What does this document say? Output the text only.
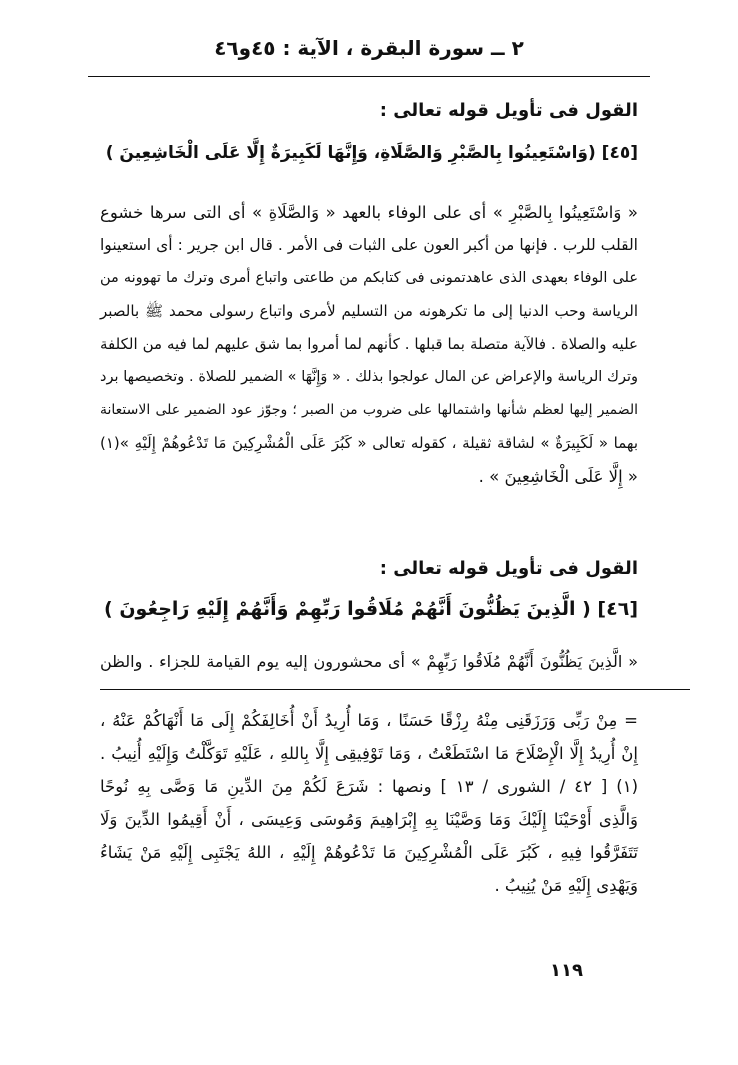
٢ ــ سورة البقرة ، الآية : ٤٥و٤٦
القول فى تأويل قوله تعالى :
[٤٥] (وَاسْتَعِينُوا بِالصَّبْرِ وَالصَّلَاةِ، وَإِنَّهَا لَكَبِيرَةٌ إِلَّا عَلَى الْخَاشِعِينَ )
« وَاسْتَعِينُوا بِالصَّبْرِ » أى على الوفاء بالعهد « وَالصَّلَاةِ » أى التى سرها خشوع
القلب للرب . فإنها من أكبر العون على الثبات فى الأمر . قال ابن جرير : أى استعينوا
على الوفاء بعهدى الذى عاهدتمونى فى كتابكم من طاعتى واتباع أمرى وترك ما تهوونه من
الرياسة وحب الدنيا إلى ما تكرهونه من التسليم لأمرى واتباع رسولى محمد ﷺ بالصبر
عليه والصلاة . فالآية متصلة بما قبلها . كأنهم لما أمروا بما شق عليهم لما فيه من الكلفة
وترك الرياسة والإعراض عن المال عولجوا بذلك . « وَإِنَّهَا » الضمير للصلاة . وتخصيصها برد
الضمير إليها لعظم شأنها واشتمالها على ضروب من الصبر ؛ وجوّز عود الضمير على الاستعانة
بهما « لَكَبِيرَةٌ » لشاقة ثقيلة ، كقوله تعالى « كَبُرَ عَلَى الْمُشْرِكِينَ مَا تَدْعُوهُمْ إِلَيْهِ »(١)
« إِلَّا عَلَى الْخَاشِعِينَ » .
القول فى تأويل قوله تعالى :
[٤٦] ( الَّذِينَ يَظُنُّونَ أَنَّهُمْ مُلَاقُوا رَبِّهِمْ وَأَنَّهُمْ إِلَيْهِ رَاجِعُونَ )
« الَّذِينَ يَظُنُّونَ أَنَّهُمْ مُلَاقُوا رَبِّهِمْ » أى محشورون إليه يوم القيامة للجزاء . والظن
= مِنْ رَبِّى وَرَزَقَنِى مِنْهُ رِزْقًا حَسَنًا ، وَمَا أُرِيدُ أَنْ أُخَالِفَكُمْ إِلَى مَا أَنْهَاكُمْ عَنْهُ ،
إِنْ أُرِيدُ إِلَّا الْإِصْلَاحَ مَا اسْتَطَعْتُ ، وَمَا تَوْفِيقِى إِلَّا بِاللهِ ، عَلَيْهِ تَوَكَّلْتُ وَإِلَيْهِ أُنِيبُ .
(١) [ ٤٢ / الشورى / ١٣ ] ونصها : شَرَعَ لَكُمْ مِنَ الدِّينِ مَا وَصَّى بِهِ نُوحًا
وَالَّذِى أَوْحَيْنَا إِلَيْكَ وَمَا وَصَّيْنَا بِهِ إِبْرَاهِيمَ وَمُوسَى وَعِيسَى ، أَنْ أَقِيمُوا الدِّينَ وَلَا
تَتَفَرَّقُوا فِيهِ ، كَبُرَ عَلَى الْمُشْرِكِينَ مَا تَدْعُوهُمْ إِلَيْهِ ، اللهُ يَجْتَبِى إِلَيْهِ مَنْ يَشَاءُ
وَيَهْدِى إِلَيْهِ مَنْ يُنِيبُ .
١١٩
